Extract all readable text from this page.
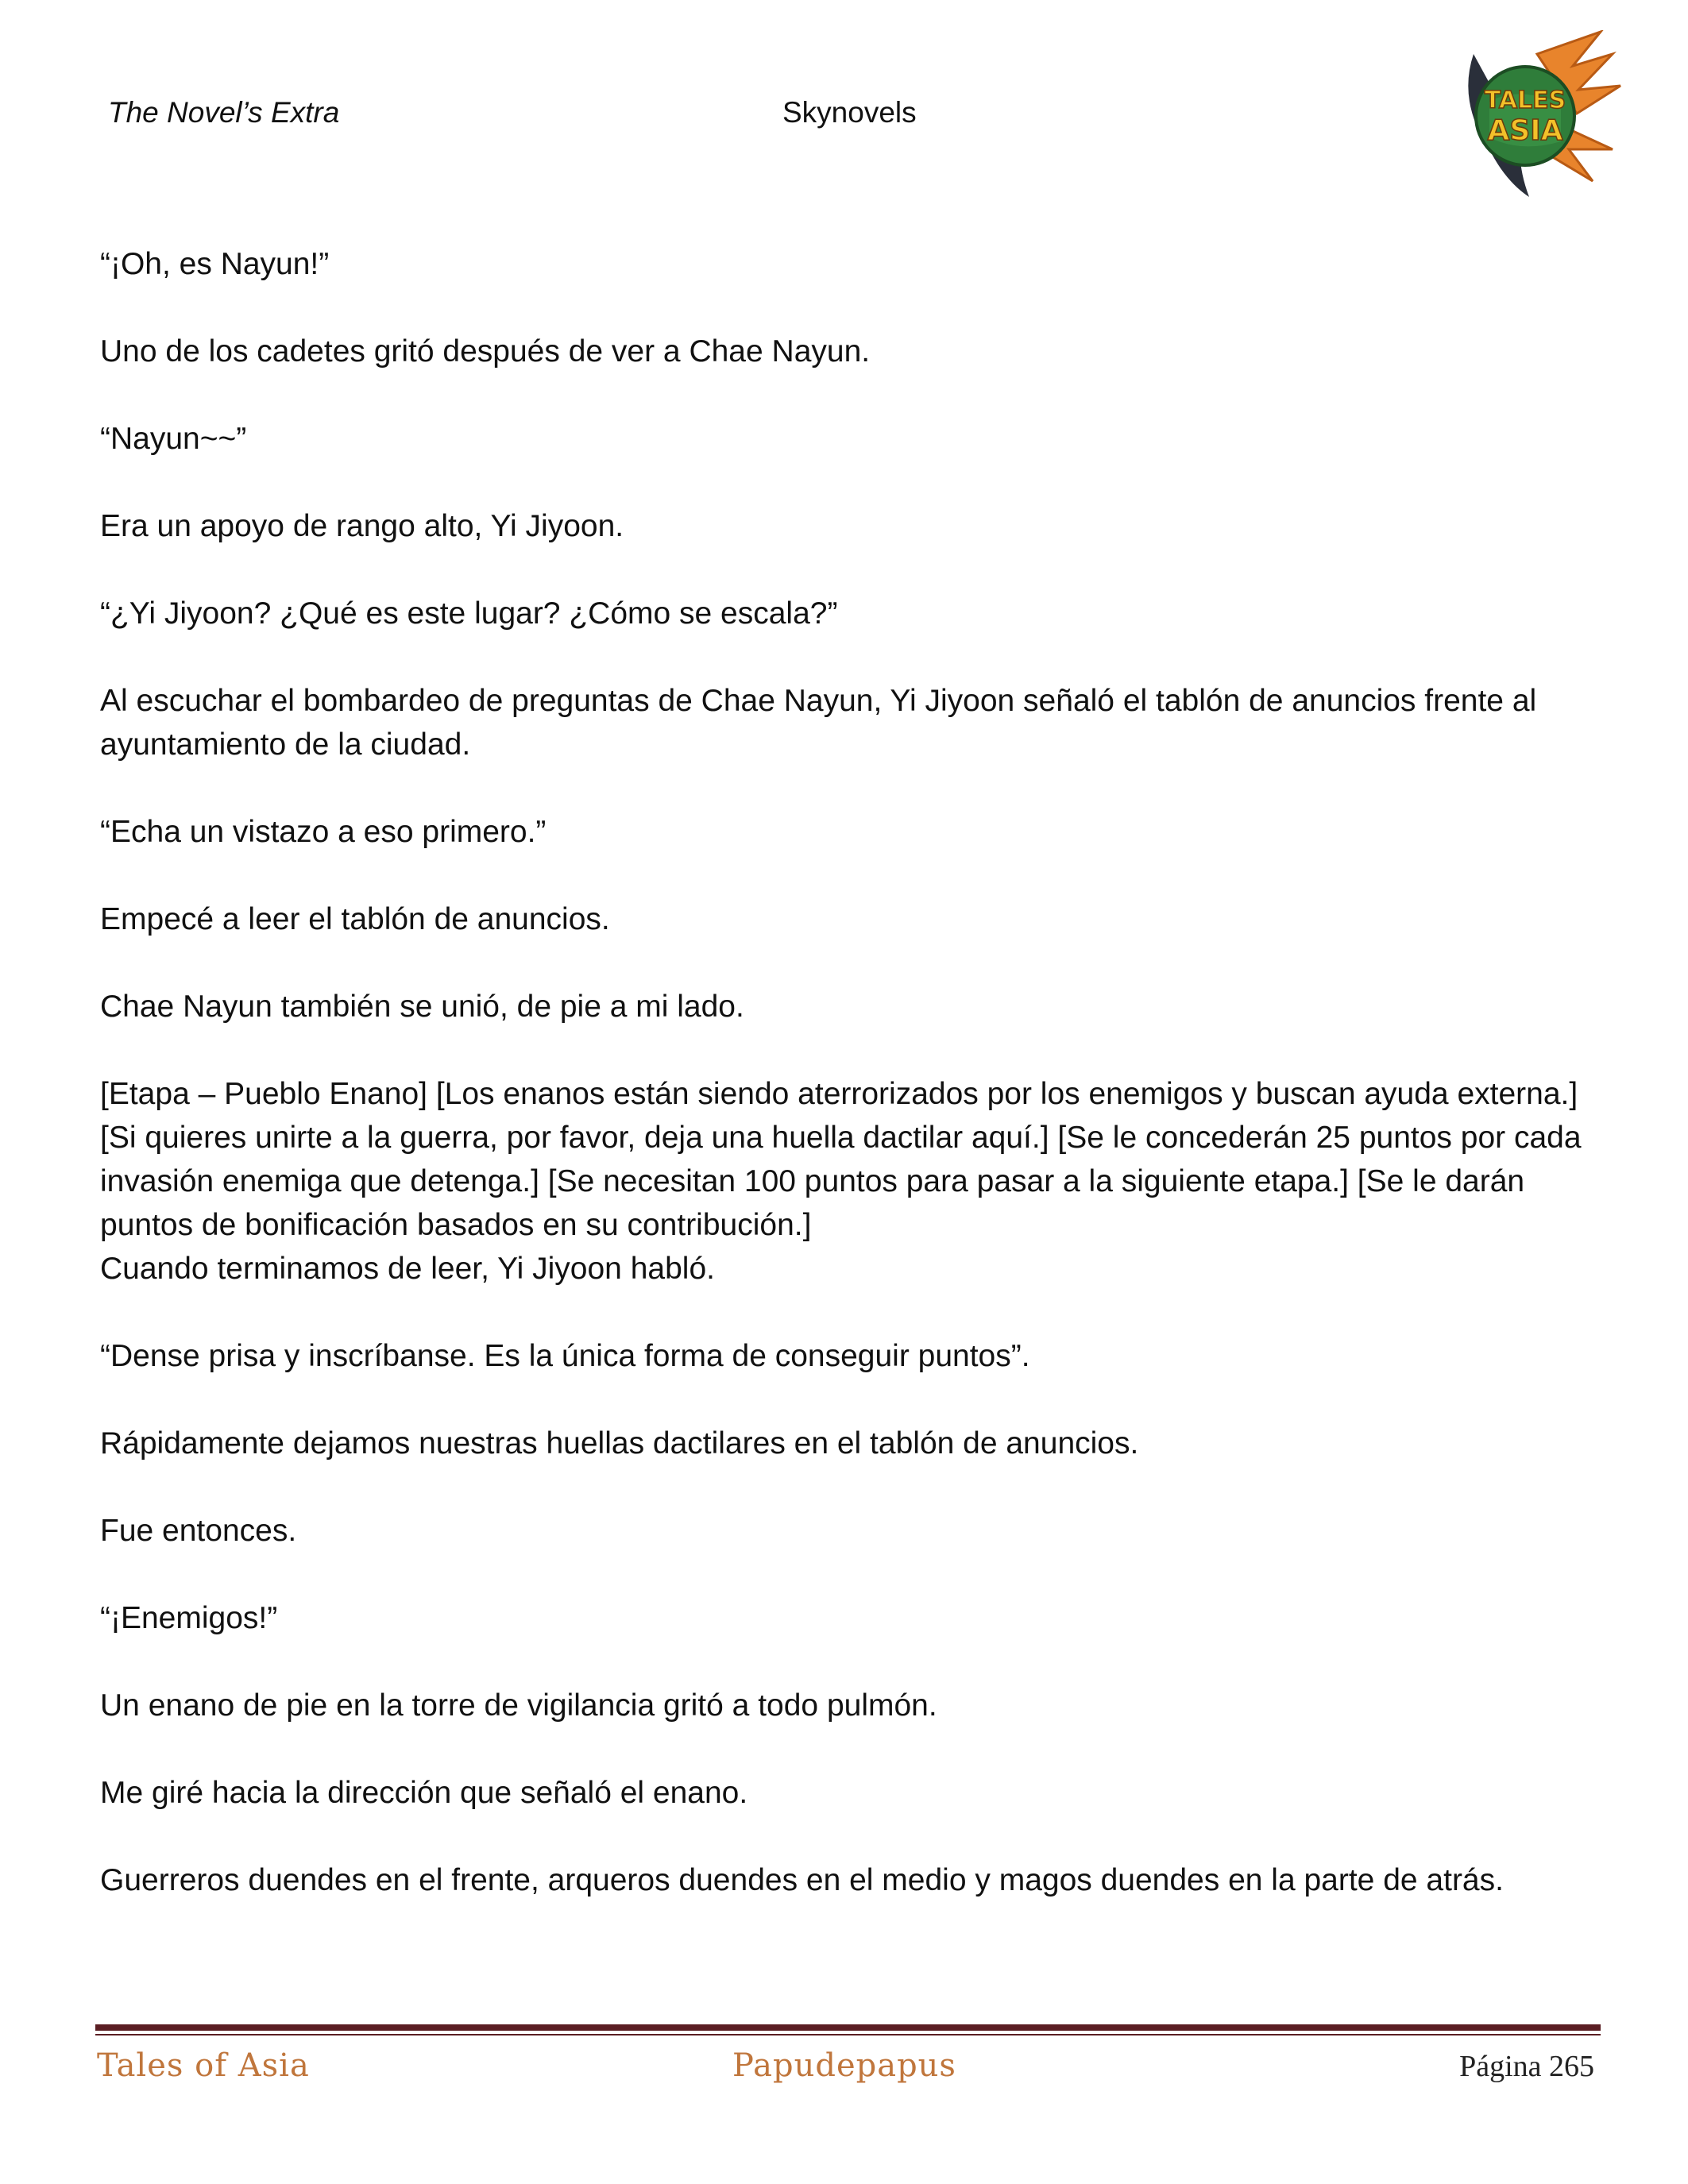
The Novel’s Extra	Skynovels	TALES
ASIA

“¡Oh, es Nayun!”

Uno de los cadetes gritó después de ver a Chae Nayun.

“Nayun~~”

Era un apoyo de rango alto, Yi Jiyoon.

“¿Yi Jiyoon? ¿Qué es este lugar? ¿Cómo se escala?”

Al escuchar el bombardeo de preguntas de Chae Nayun, Yi Jiyoon señaló el tablón de anuncios frente al ayuntamiento de la ciudad.

“Echa un vistazo a eso primero.”

Empecé a leer el tablón de anuncios.

Chae Nayun también se unió, de pie a mi lado.

[Etapa – Pueblo Enano] [Los enanos están siendo aterrorizados por los enemigos y buscan ayuda externa.] [Si quieres unirte a la guerra, por favor, deja una huella dactilar aquí.] [Se le concederán 25 puntos por cada invasión enemiga que detenga.] [Se necesitan 100 puntos para pasar a la siguiente etapa.] [Se le darán puntos de bonificación basados en su contribución.]

Cuando terminamos de leer, Yi Jiyoon habló.

“Dense prisa y inscríbanse. Es la única forma de conseguir puntos”.

Rápidamente dejamos nuestras huellas dactilares en el tablón de anuncios.

Fue entonces.

“¡Enemigos!”

Un enano de pie en la torre de vigilancia gritó a todo pulmón.

Me giré hacia la dirección que señaló el enano.

Guerreros duendes en el frente, arqueros duendes en el medio y magos duendes en la parte de atrás.

Tales of Asia	Papudepapus	Página 265
